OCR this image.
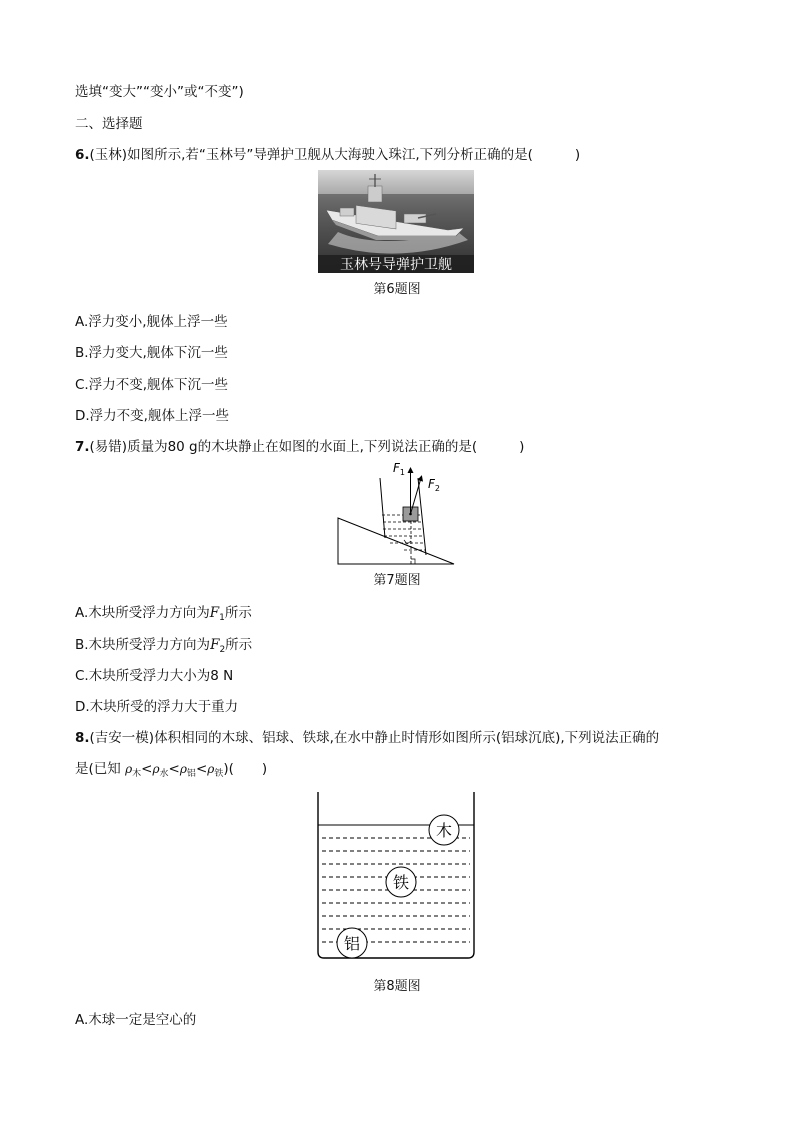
选填“变大”“变小”或“不变”)
二、选择题
6.(玉林)如图所示,若“玉林号”导弹护卫舰从大海驶入珠江,下列分析正确的是(	)
玉林号导弹护卫舰
第6题图
A.浮力变小,舰体上浮一些
B.浮力变大,舰体下沉一些
C.浮力不变,舰体下沉一些
D.浮力不变,舰体上浮一些
7.(易错)质量为80 g的木块静止在如图的水面上,下列说法正确的是(	)
$F_1$
$F_2$
第7题图
A.木块所受浮力方向为$F_1$所示
B.木块所受浮力方向为$F_2$所示
C.木块所受浮力大小为8 N
D.木块所受的浮力大于重力
8.(吉安一模)体积相同的木球、铝球、铁球,在水中静止时情形如图所示(铝球沉底),下列说法正确的
是(已知 $\rho_木<\rho_水<\rho_铝<\rho_铁$)( )
木
铁
铝
第8题图
A.木球一定是空心的
